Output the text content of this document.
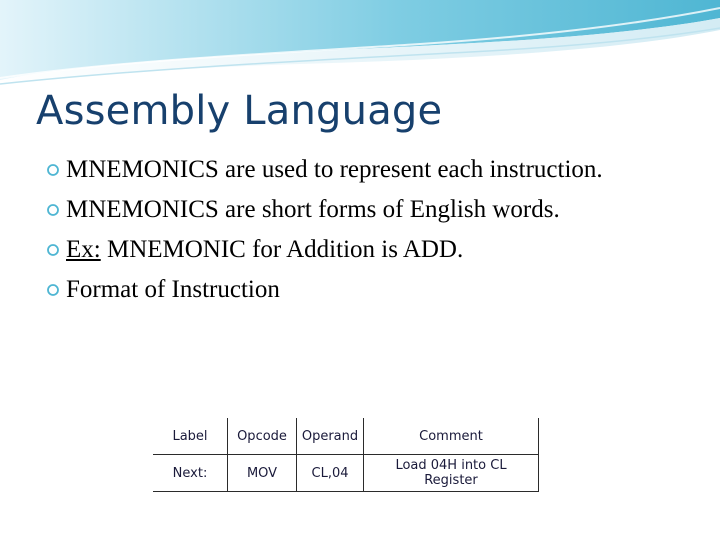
Assembly Language
MNEMONICS are used to represent each instruction.
MNEMONICS are short forms of English words.
Ex: MNEMONIC for Addition is ADD.
Format of Instruction
Label	Opcode	Operand	Comment
Next:	MOV	CL,04	Load 04H into CL Register
